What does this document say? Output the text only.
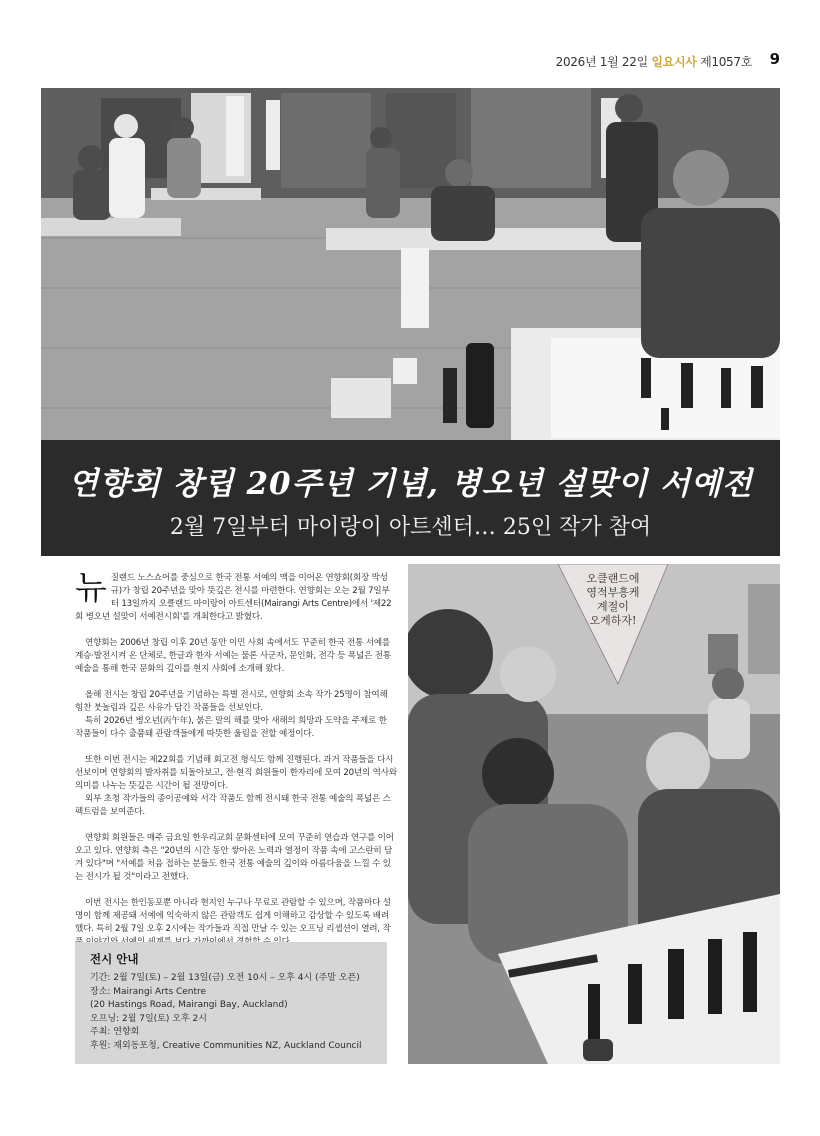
2026년 1월 22일 일요시사 제1057호 9
연향회 창립 20주년 기념, 병오년 설맞이 서예전
2월 7일부터 마이랑이 아트센터… 25인 작가 참여

뉴질랜드 노스쇼어를 중심으로 한국 전통 서예의 맥을 이어온 연향회(회장 박성규)가 창립 20주년을 맞아 뜻깊은 전시를 마련한다. 연향회는 오는 2월 7일부터 13일까지 오클랜드 마이랑이 아트센터(Mairangi Arts Centre)에서 '제22회 병오년 설맞이 서예전시회'를 개최한다고 밝혔다.

연향회는 2006년 창립 이후 20년 동안 이민 사회 속에서도 꾸준히 한국 전통 서예를 계승·발전시켜 온 단체로, 한글과 한자 서예는 물론 사군자, 문인화, 전각 등 폭넓은 전통 예술을 통해 한국 문화의 깊이를 현지 사회에 소개해 왔다.

올해 전시는 창립 20주년을 기념하는 특별 전시로, 연향회 소속 작가 25명이 참여해 힘찬 붓놀림과 깊은 사유가 담긴 작품들을 선보인다.

특히 2026년 병오년(丙午年), 붉은 말의 해를 맞아 새해의 희망과 도약을 주제로 한 작품들이 다수 출품돼 관람객들에게 따뜻한 울림을 전할 예정이다.

또한 이번 전시는 제22회를 기념해 회고전 형식도 함께 진행된다. 과거 작품들을 다시 선보이며 연향회의 발자취를 되돌아보고, 전·현직 회원들이 한자리에 모여 20년의 역사와 의미를 나누는 뜻깊은 시간이 될 전망이다.

외부 초청 작가들의 종이공예와 서각 작품도 함께 전시돼 한국 전통 예술의 폭넓은 스펙트럼을 보여준다.

연향회 회원들은 매주 금요일 한우리교회 문화센터에 모여 꾸준히 연습과 연구를 이어오고 있다. 연향회 측은 "20년의 시간 동안 쌓아온 노력과 열정이 작품 속에 고스란히 담겨 있다"며 "서예를 처음 접하는 분들도 한국 전통 예술의 깊이와 아름다움을 느낄 수 있는 전시가 될 것"이라고 전했다.

이번 전시는 한인동포뿐 아니라 현지인 누구나 무료로 관람할 수 있으며, 작품마다 설명이 함께 제공돼 서예에 익숙하지 않은 관람객도 쉽게 이해하고 감상할 수 있도록 배려했다. 특히 2월 7일 오후 2시에는 작가들과 직접 만날 수 있는 오프닝 리셉션이 열려, 작

전시 안내
기간: 2월 7일(토) – 2월 13일(금) 오전 10시 – 오후 4시 (주말 오픈)
장소: Mairangi Arts Centre
(20 Hastings Road, Mairangi Bay, Auckland)
오프닝: 2월 7일(토) 오후 2시
주최: 연향회
후원: 재외동포청, Creative Communities NZ, Auckland Council
오클랜드에
영적부흥케
계절이
오게하자!
